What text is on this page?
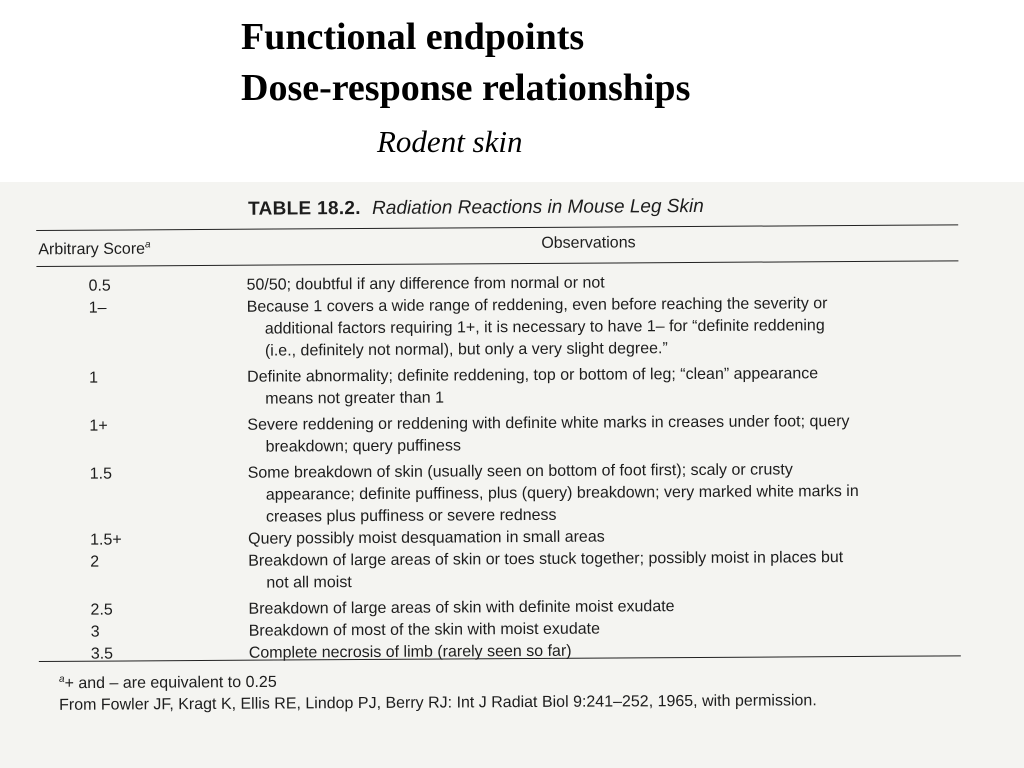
Functional endpoints
Dose-response relationships
Rodent skin
TABLE 18.2. Radiation Reactions in Mouse Leg Skin
Arbitrary Score$^a$	Observations
0.5	50/50; doubtful if any difference from normal or not
1–	Because 1 covers a wide range of reddening, even before reaching the severity or
additional factors requiring 1+, it is necessary to have 1– for “definite reddening
(i.e., definitely not normal), but only a very slight degree.”
1	Definite abnormality; definite reddening, top or bottom of leg; “clean” appearance
means not greater than 1
1+	Severe reddening or reddening with definite white marks in creases under foot; query
breakdown; query puffiness
1.5	Some breakdown of skin (usually seen on bottom of foot first); scaly or crusty
appearance; definite puffiness, plus (query) breakdown; very marked white marks in
creases plus puffiness or severe redness
1.5+	Query possibly moist desquamation in small areas
2	Breakdown of large areas of skin or toes stuck together; possibly moist in places but
not all moist
2.5	Breakdown of large areas of skin with definite moist exudate
3	Breakdown of most of the skin with moist exudate
3.5	Complete necrosis of limb (rarely seen so far)
$^a$+ and – are equivalent to 0.25
From Fowler JF, Kragt K, Ellis RE, Lindop PJ, Berry RJ: Int J Radiat Biol 9:241–252, 1965, with permission.
